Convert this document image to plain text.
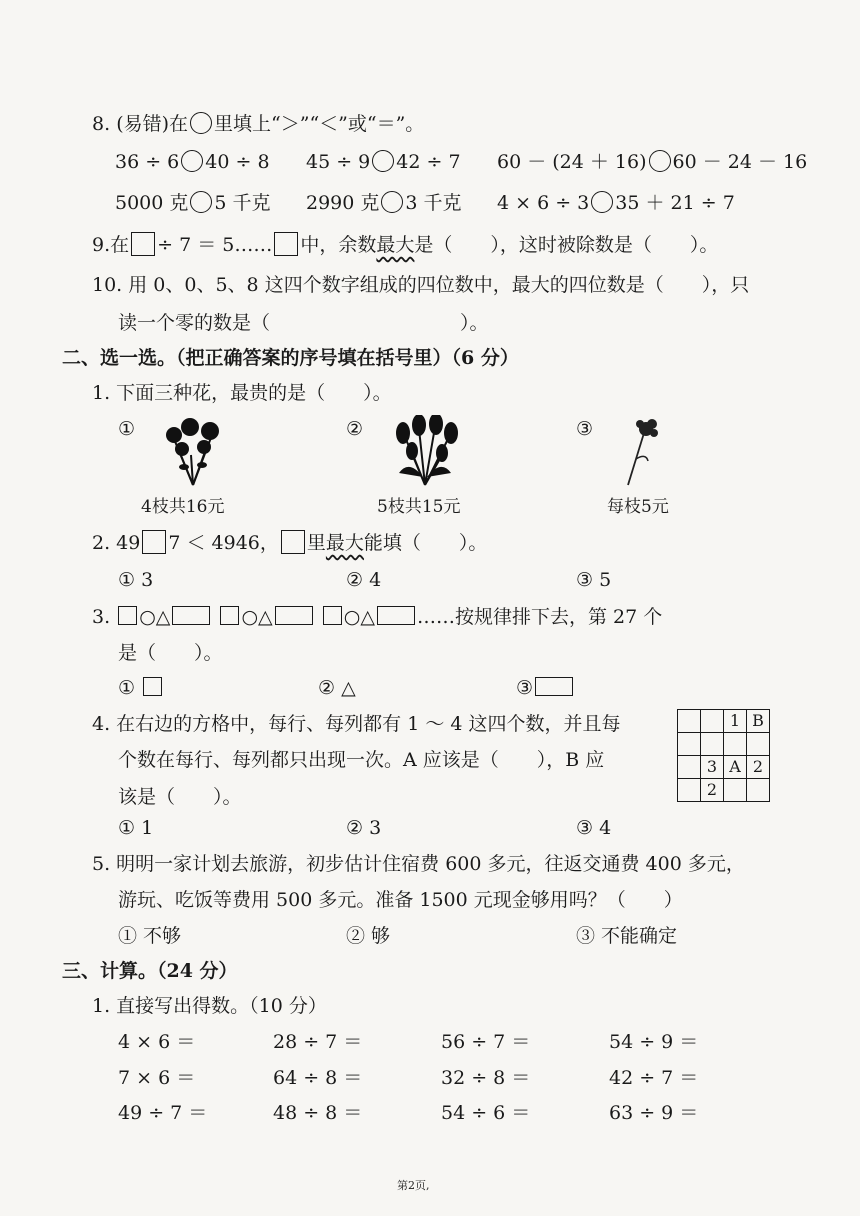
8. (易错)在 里填上“＞”“＜”或“＝”。
36 ÷ 6 40 ÷ 8 45 ÷ 9 42 ÷ 7 60 － (24 ＋ 16) 60 － 24 － 16
5000 克 5 千克 2990 克 3 千克 4 × 6 ÷ 3 35 ＋ 21 ÷ 7
9.在 ÷ 7 ＝ 5…… 中，余数最大是（　　），这时被除数是（　　）。
10. 用 0、0、5、8 这四个数字组成的四位数中，最大的四位数是（　　），只
读一个零的数是（　　　　　　　　　　）。
二、选一选。（把正确答案的序号填在括号里）（6 分）
1. 下面三种花，最贵的是（　　）。
①	②	③
4枝共16元	5枝共15元	每枝5元
2. 49 7 ＜ 4946， 里最大能填（　　）。
① 3	② 4	③ 5
3. ○△	○△	○△ ……按规律排下去，第 27 个
是（　　）。
①	② △	③
4. 在右边的方格中，每行、每列都有 1 ～ 4 这四个数，并且每
个数在每行、每列都只出现一次。A 应该是（　　），B 应
该是（　　）。
		1	B

	3	A	2
	2		
① 1	② 3	③ 4
5. 明明一家计划去旅游，初步估计住宿费 600 多元，往返交通费 400 多元，
游玩、吃饭等费用 500 多元。准备 1500 元现金够用吗？（　　）
① 不够	② 够	③ 不能确定
三、计算。（24 分）
1. 直接写出得数。（10 分）
4 × 6 ＝	28 ÷ 7 ＝	56 ÷ 7 ＝	54 ÷ 9 ＝
7 × 6 ＝	64 ÷ 8 ＝	32 ÷ 8 ＝	42 ÷ 7 ＝
49 ÷ 7 ＝	48 ÷ 8 ＝	54 ÷ 6 ＝	63 ÷ 9 ＝
第2页,
